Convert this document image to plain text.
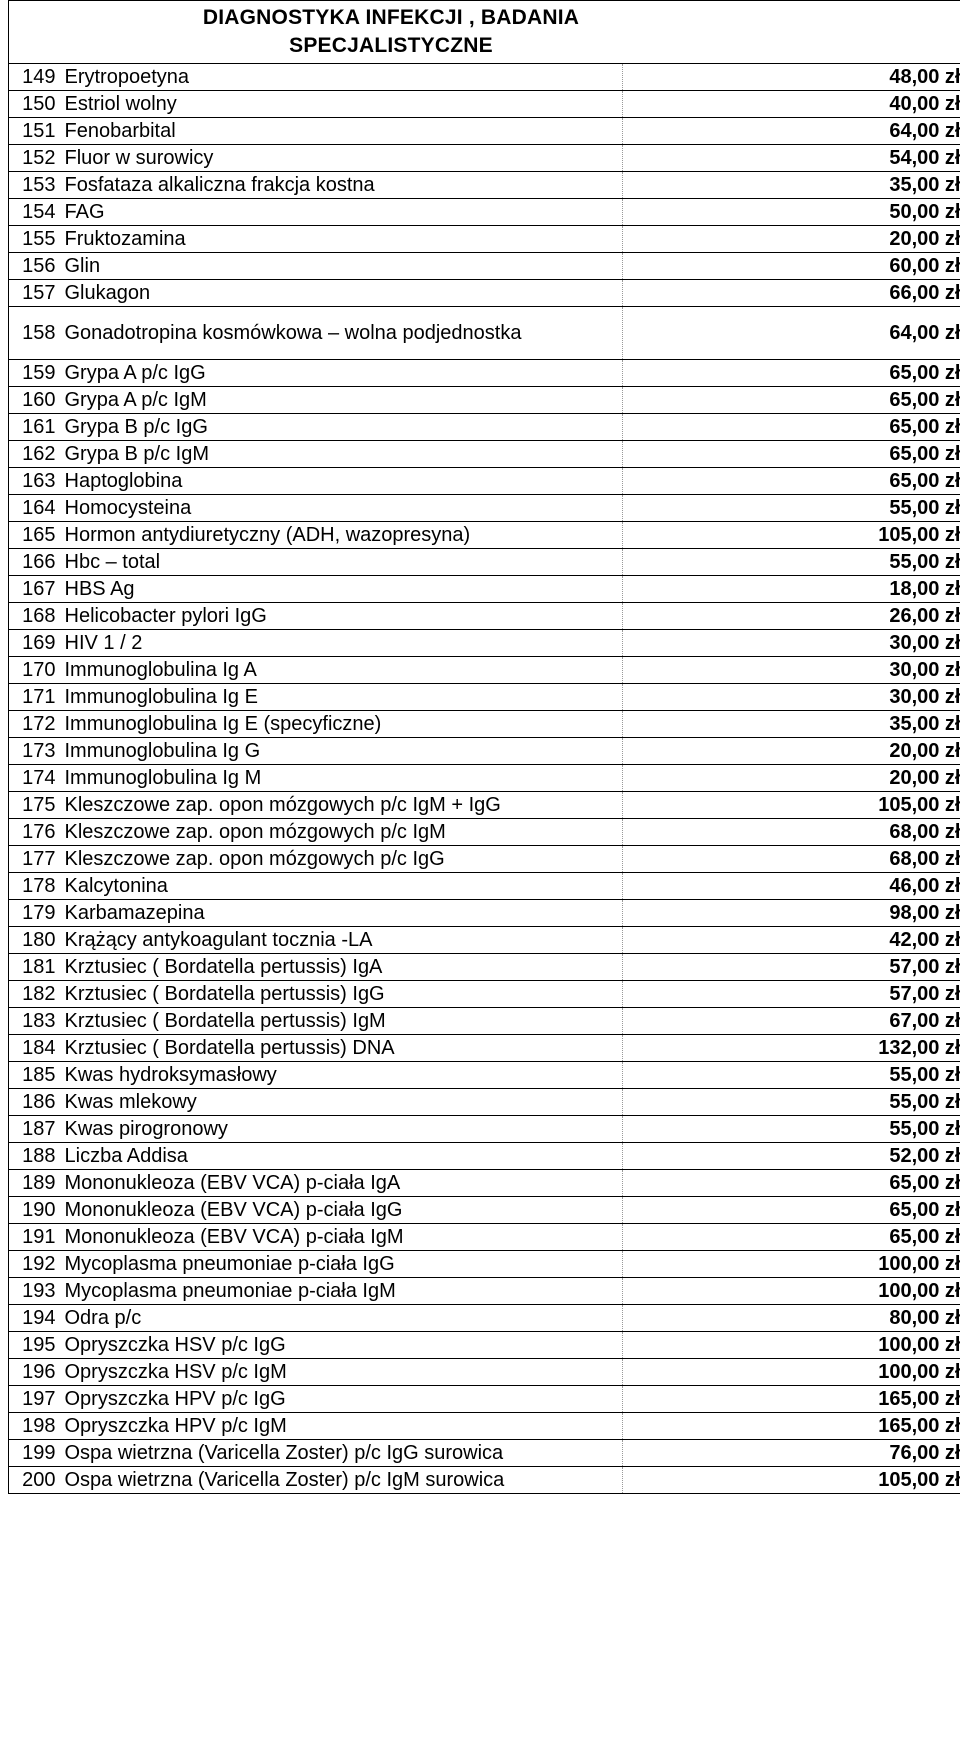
DIAGNOSTYKA INFEKCJI , BADANIA
SPECJALISTYCZNE
149	Erytropoetyna	48,00 zł
150	Estriol wolny	40,00 zł
151	Fenobarbital	64,00 zł
152	Fluor w surowicy	54,00 zł
153	Fosfataza alkaliczna frakcja kostna	35,00 zł
154	FAG	50,00 zł
155	Fruktozamina	20,00 zł
156	Glin	60,00 zł
157	Glukagon	66,00 zł
158	Gonadotropina kosmówkowa – wolna podjednostka	64,00 zł
159	Grypa A p/c IgG	65,00 zł
160	Grypa A p/c IgM	65,00 zł
161	Grypa B p/c IgG	65,00 zł
162	Grypa B p/c IgM	65,00 zł
163	Haptoglobina	65,00 zł
164	Homocysteina	55,00 zł
165	Hormon antydiuretyczny (ADH, wazopresyna)	105,00 zł
166	Hbc – total	55,00 zł
167	HBS Ag	18,00 zł
168	Helicobacter pylori IgG	26,00 zł
169	HIV 1 / 2	30,00 zł
170	Immunoglobulina Ig A	30,00 zł
171	Immunoglobulina Ig E	30,00 zł
172	Immunoglobulina Ig E (specyficzne)	35,00 zł
173	Immunoglobulina Ig G	20,00 zł
174	Immunoglobulina Ig M	20,00 zł
175	Kleszczowe zap. opon mózgowych p/c IgM + IgG	105,00 zł
176	Kleszczowe zap. opon mózgowych p/c IgM	68,00 zł
177	Kleszczowe zap. opon mózgowych p/c IgG	68,00 zł
178	Kalcytonina	46,00 zł
179	Karbamazepina	98,00 zł
180	Krążący antykoagulant tocznia -LA	42,00 zł
181	Krztusiec ( Bordatella pertussis) IgA	57,00 zł
182	Krztusiec ( Bordatella pertussis) IgG	57,00 zł
183	Krztusiec ( Bordatella pertussis) IgM	67,00 zł
184	Krztusiec ( Bordatella pertussis) DNA	132,00 zł
185	Kwas hydroksymasłowy	55,00 zł
186	Kwas mlekowy	55,00 zł
187	Kwas pirogronowy	55,00 zł
188	Liczba Addisa	52,00 zł
189	Mononukleoza (EBV VCA) p-ciała IgA	65,00 zł
190	Mononukleoza (EBV VCA) p-ciała IgG	65,00 zł
191	Mononukleoza (EBV VCA) p-ciała IgM	65,00 zł
192	Mycoplasma pneumoniae p-ciała IgG	100,00 zł
193	Mycoplasma pneumoniae p-ciała IgM	100,00 zł
194	Odra p/c	80,00 zł
195	Opryszczka HSV p/c IgG	100,00 zł
196	Opryszczka HSV p/c IgM	100,00 zł
197	Opryszczka HPV p/c IgG	165,00 zł
198	Opryszczka HPV p/c IgM	165,00 zł
199	Ospa wietrzna (Varicella Zoster) p/c IgG surowica	76,00 zł
200	Ospa wietrzna (Varicella Zoster) p/c IgM surowica	105,00 zł
